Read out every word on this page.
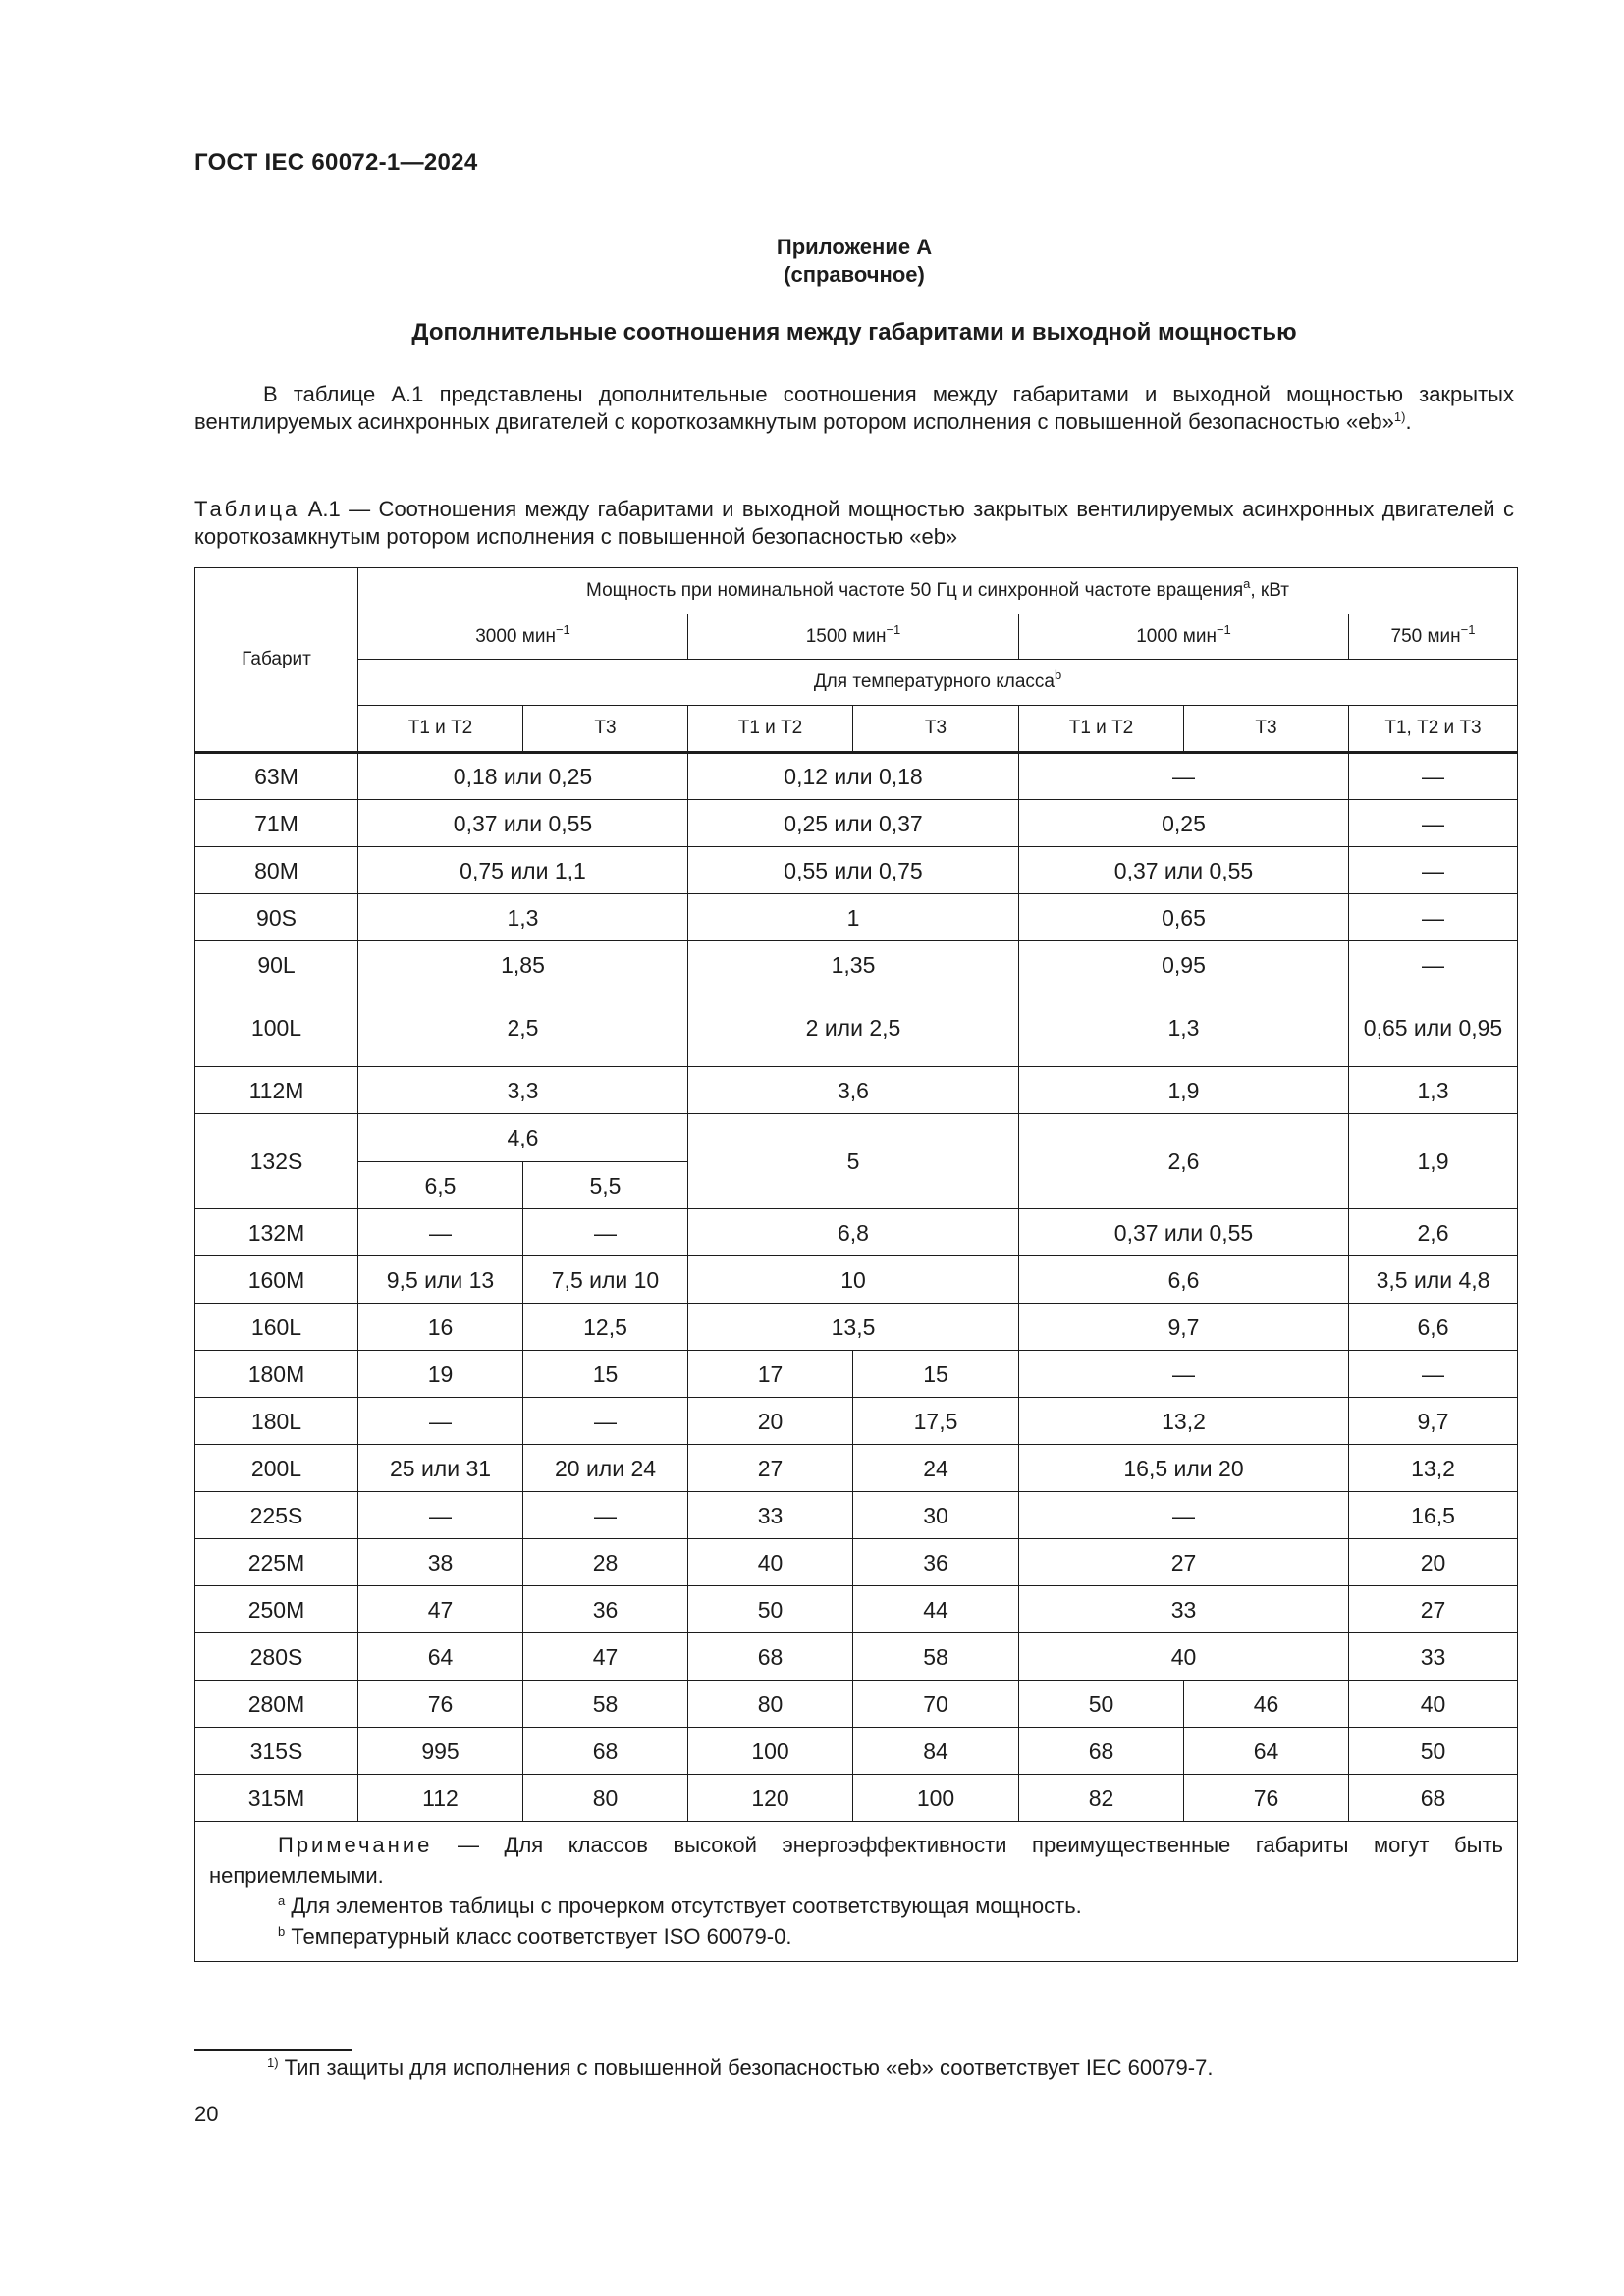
ГОСТ IEC 60072-1—2024
Приложение А
(справочное)
Дополнительные соотношения между габаритами и выходной мощностью
В таблице А.1 представлены дополнительные соотношения между габаритами и выходной мощностью закрытых вентилируемых асинхронных двигателей с короткозамкнутым ротором исполнения с повышенной безопасностью «eb»$^{1)}$.
Таблица А.1 — Соотношения между габаритами и выходной мощностью закрытых вентилируемых асинхронных двигателей с короткозамкнутым ротором исполнения с повышенной безопасностью «eb»
Габарит	Мощность при номинальной частоте 50 Гц и синхронной частоте вращения$^a$, кВт						
	3000 мин$^{-1}$		1500 мин$^{-1}$		1000 мин$^{-1}$		750 мин$^{-1}$
	Для температурного класса$^b$
	Т1 и Т2	Т3	Т1 и Т2	Т3	Т1 и Т2	Т3	Т1, Т2 и Т3
63M	0,18 или 0,25		0,12 или 0,18		—		—
71M	0,37 или 0,55		0,25 или 0,37		0,25		—
80M	0,75 или 1,1		0,55 или 0,75		0,37 или 0,55		—
90S	1,3		1		0,65		—
90L	1,85		1,35		0,95		—
100L	2,5		2 или 2,5		1,3		0,65 или 0,95
112M	3,3		3,6		1,9		1,3
132S	4,6		5		2,6		1,9
	6,5	5,5					
132M	—	—	6,8		0,37 или 0,55		2,6
160M	9,5 или 13	7,5 или 10	10		6,6		3,5 или 4,8
160L	16	12,5	13,5		9,7		6,6
180M	19	15	17	15	—		—
180L	—	—	20	17,5	13,2		9,7
200L	25 или 31	20 или 24	27	24	16,5 или 20		13,2
225S	—	—	33	30	—		16,5
225M	38	28	40	36	27		20
250M	47	36	50	44	33		27
280S	64	47	68	58	40		33
280M	76	58	80	70	50	46	40
315S	995	68	100	84	68	64	50
315M	112	80	120	100	82	76	68

Примечание — Для классов высокой энергоэффективности преимущественные габариты могут быть неприемлемыми.
$^a$ Для элементов таблицы с прочерком отсутствует соответствующая мощность.
$^b$ Температурный класс соответствует ISO 60079-0.							
$^{1)}$ Тип защиты для исполнения с повышенной безопасностью «eb» соответствует IEC 60079-7.
20
